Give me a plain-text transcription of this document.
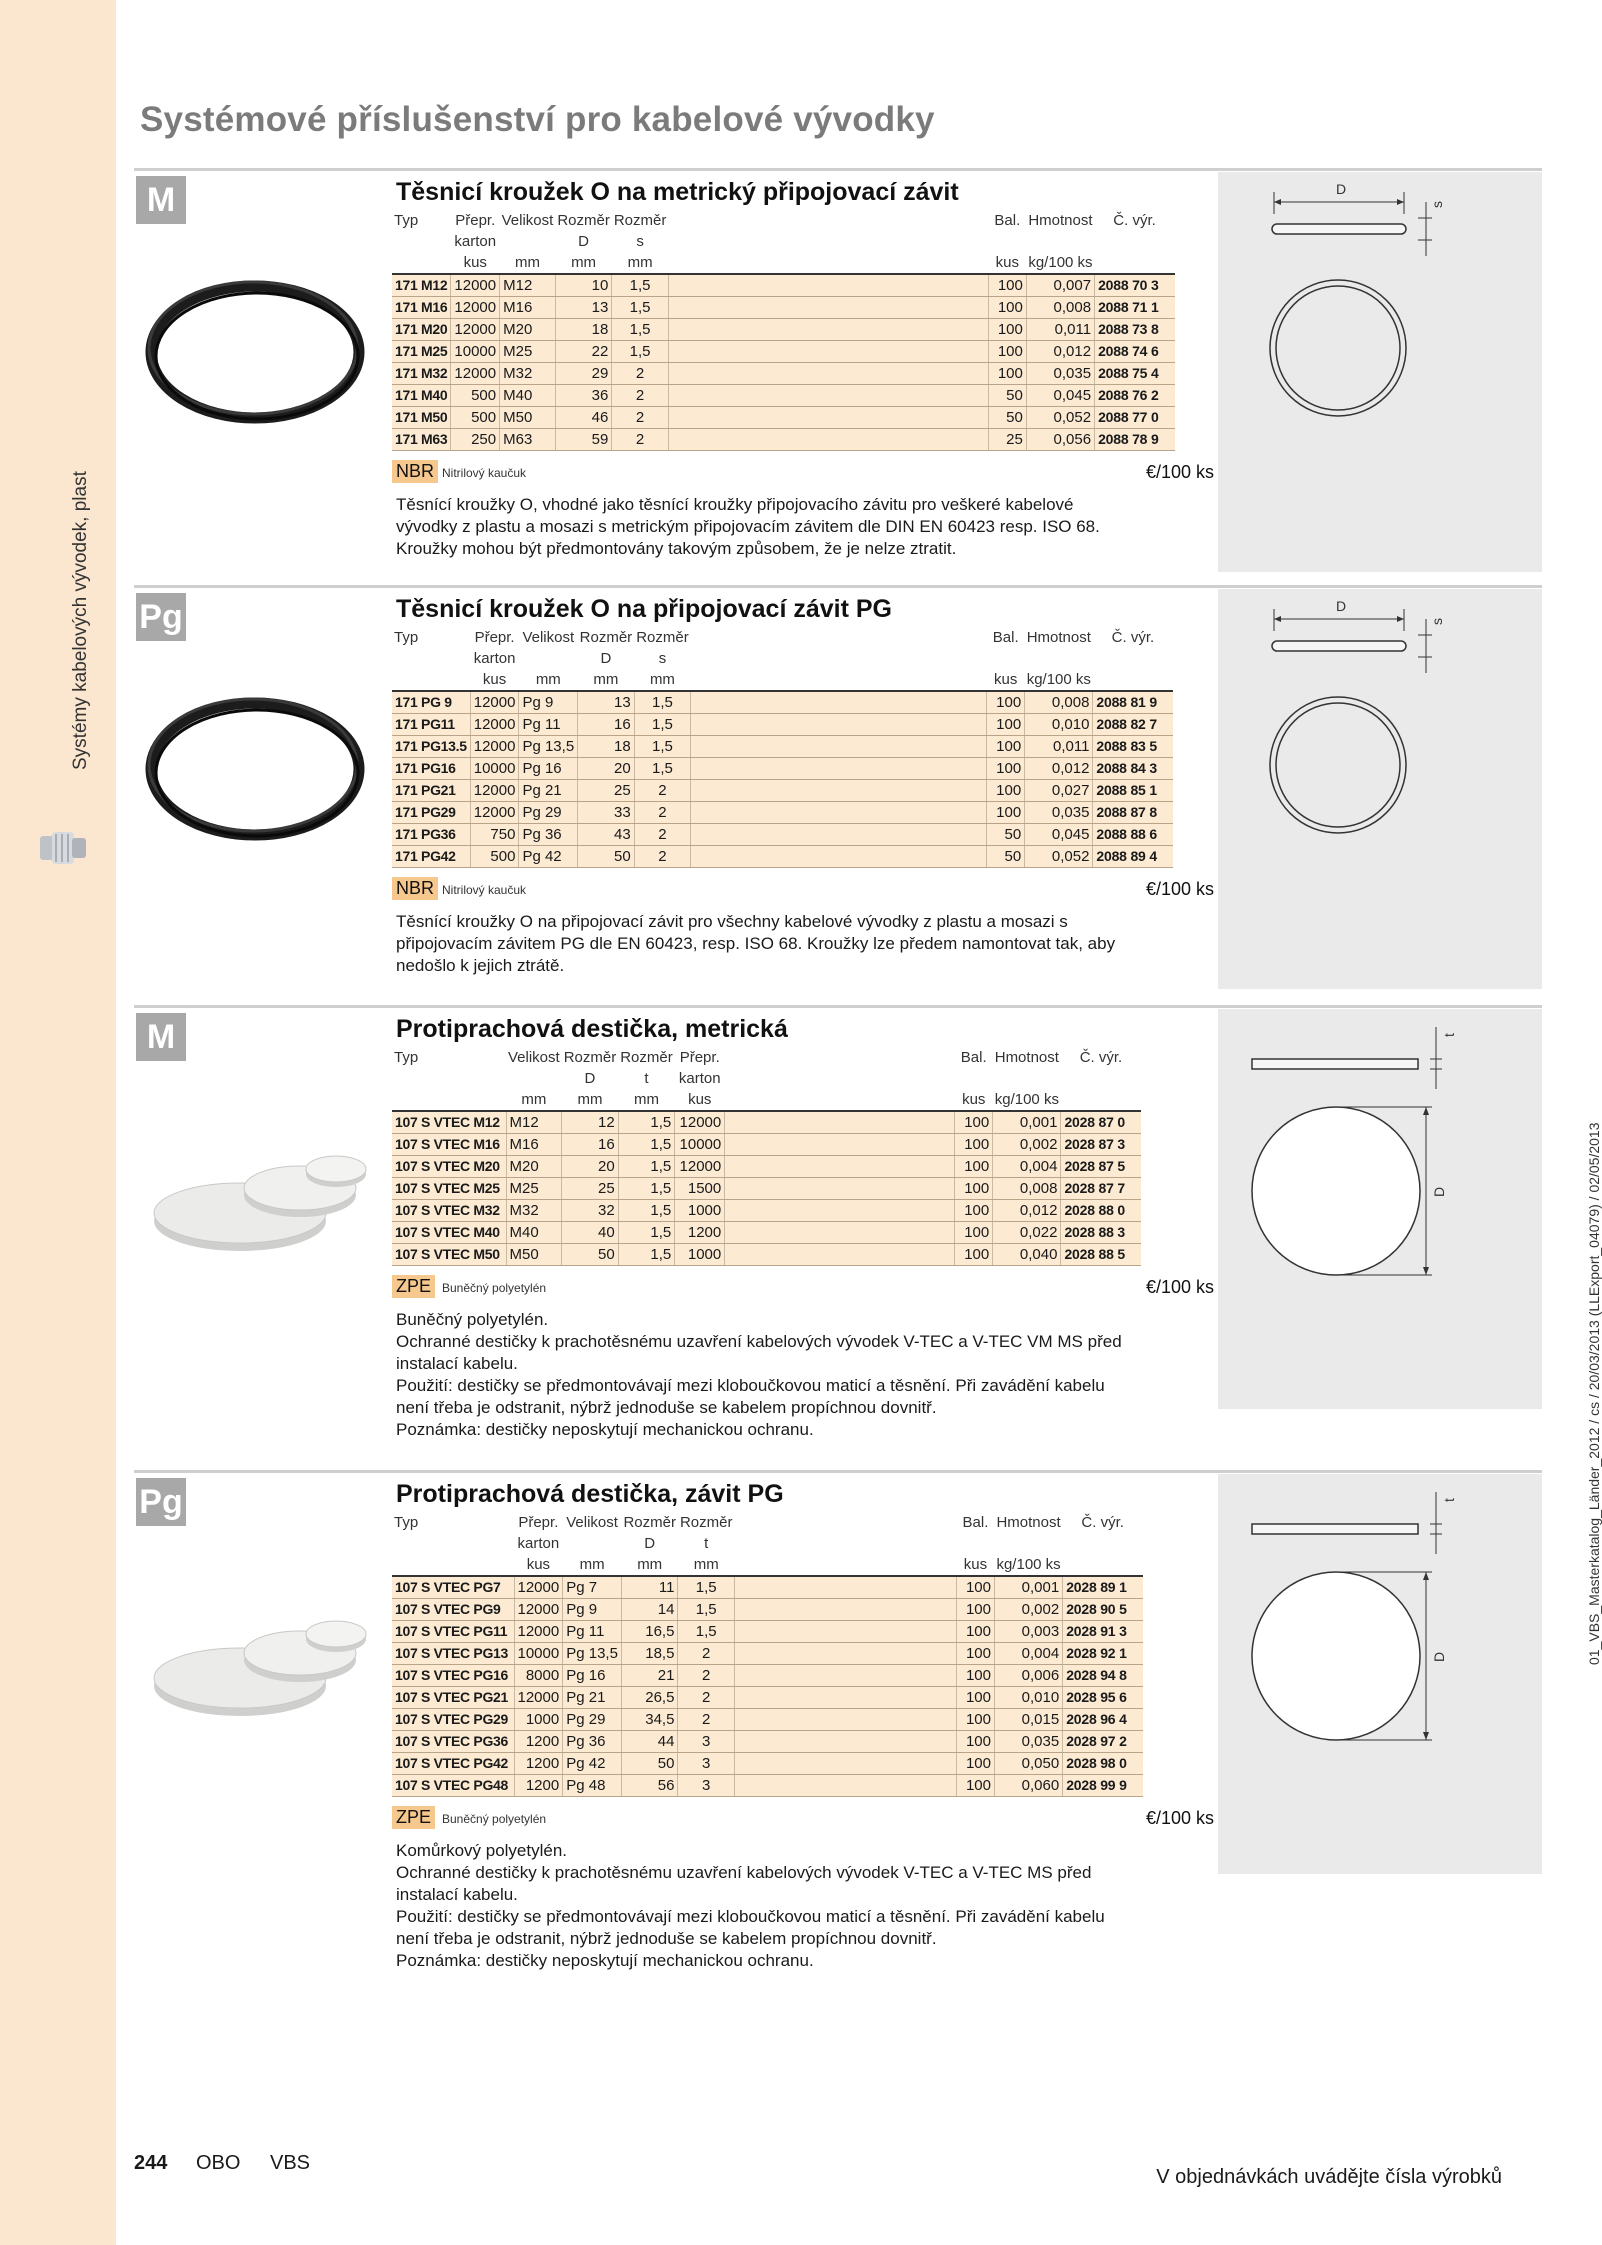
Systémy kabelových vývodek, plast
01_VBS_Masterkatalog_Länder_2012 / cs / 20/03/2013 (LLExport_04079) / 02/05/2013
Systémové příslušenství pro kabelové vývodky
M	Těsnicí kroužek O na metrický připojovací závit	D
s
Typ	Přepr.	Velikost	Rozměr	Rozměr		Bal.	Hmotnost	Č. výr.
	karton		D	s				
	kus	mm	mm	mm		kus	kg/100 ks	
171 M12	12000	M12	10	1,5		100	0,007	2088 70 3
171 M16	12000	M16	13	1,5		100	0,008	2088 71 1
171 M20	12000	M20	18	1,5		100	0,011	2088 73 8
171 M25	10000	M25	22	1,5		100	0,012	2088 74 6
171 M32	12000	M32	29	2		100	0,035	2088 75 4
171 M40	500	M40	36	2		50	0,045	2088 76 2
171 M50	500	M50	46	2		50	0,052	2088 77 0
171 M63	250	M63	59	2		25	0,056	2088 78 9
NBR Nitrilový kaučuk	€/100 ks
Těsnící kroužky O, vhodné jako těsnící kroužky připojovacího závitu pro veškeré kabelové
vývodky z plastu a mosazi s metrickým připojovacím závitem dle DIN EN 60423 resp. ISO 68.
Kroužky mohou být předmontovány takovým způsobem, že je nelze ztratit.
Pg	Těsnicí kroužek O na připojovací závit PG	D
s
Typ	Přepr.	Velikost	Rozměr	Rozměr		Bal.	Hmotnost	Č. výr.
	karton		D	s				
	kus	mm	mm	mm		kus	kg/100 ks	
171 PG 9	12000	Pg 9	13	1,5		100	0,008	2088 81 9
171 PG11	12000	Pg 11	16	1,5		100	0,010	2088 82 7
171 PG13.5	12000	Pg 13,5	18	1,5		100	0,011	2088 83 5
171 PG16	10000	Pg 16	20	1,5		100	0,012	2088 84 3
171 PG21	12000	Pg 21	25	2		100	0,027	2088 85 1
171 PG29	12000	Pg 29	33	2		100	0,035	2088 87 8
171 PG36	750	Pg 36	43	2		50	0,045	2088 88 6
171 PG42	500	Pg 42	50	2		50	0,052	2088 89 4
NBR Nitrilový kaučuk	€/100 ks
Těsnící kroužky O na připojovací závit pro všechny kabelové vývodky z plastu a mosazi s
připojovacím závitem PG dle EN 60423, resp. ISO 68. Kroužky lze předem namontovat tak, aby
nedošlo k jejich ztrátě.
M	Protiprachová destička, metrická	t
D
Typ	Velikost	Rozměr	Rozměr	Přepr.		Bal.	Hmotnost	Č. výr.
		D	t	karton				
	mm	mm	mm	kus		kus	kg/100 ks	
107 S VTEC M12	M12	12	1,5	12000		100	0,001	2028 87 0
107 S VTEC M16	M16	16	1,5	10000		100	0,002	2028 87 3
107 S VTEC M20	M20	20	1,5	12000		100	0,004	2028 87 5
107 S VTEC M25	M25	25	1,5	1500		100	0,008	2028 87 7
107 S VTEC M32	M32	32	1,5	1000		100	0,012	2028 88 0
107 S VTEC M40	M40	40	1,5	1200		100	0,022	2028 88 3
107 S VTEC M50	M50	50	1,5	1000		100	0,040	2028 88 5
ZPE Buněčný polyetylén	€/100 ks
Buněčný polyetylén.
Ochranné destičky k prachotěsnému uzavření kabelových vývodek V-TEC a V-TEC VM MS před
instalací kabelu.
Použití: destičky se předmontovávají mezi kloboučkovou maticí a těsnění. Při zavádění kabelu
není třeba je odstranit, nýbrž jednoduše se kabelem propíchnou dovnitř.
Poznámka: destičky neposkytují mechanickou ochranu.
Pg	Protiprachová destička, závit PG	t
D
Typ	Přepr.	Velikost	Rozměr	Rozměr		Bal.	Hmotnost	Č. výr.
	karton		D	t				
	kus	mm	mm	mm		kus	kg/100 ks	
107 S VTEC PG7	12000	Pg 7	11	1,5		100	0,001	2028 89 1
107 S VTEC PG9	12000	Pg 9	14	1,5		100	0,002	2028 90 5
107 S VTEC PG11	12000	Pg 11	16,5	1,5		100	0,003	2028 91 3
107 S VTEC PG13	10000	Pg 13,5	18,5	2		100	0,004	2028 92 1
107 S VTEC PG16	8000	Pg 16	21	2		100	0,006	2028 94 8
107 S VTEC PG21	12000	Pg 21	26,5	2		100	0,010	2028 95 6
107 S VTEC PG29	1000	Pg 29	34,5	2		100	0,015	2028 96 4
107 S VTEC PG36	1200	Pg 36	44	3		100	0,035	2028 97 2
107 S VTEC PG42	1200	Pg 42	50	3		100	0,050	2028 98 0
107 S VTEC PG48	1200	Pg 48	56	3		100	0,060	2028 99 9
ZPE Buněčný polyetylén	€/100 ks
Komůrkový polyetylén.
Ochranné destičky k prachotěsnému uzavření kabelových vývodek V-TEC a V-TEC MS před
instalací kabelu.
Použití: destičky se předmontovávají mezi kloboučkovou maticí a těsnění. Při zavádění kabelu
není třeba je odstranit, nýbrž jednoduše se kabelem propíchnou dovnitř.
Poznámka: destičky neposkytují mechanickou ochranu.
244 OBO VBS
V objednávkách uvádějte čísla výrobků
